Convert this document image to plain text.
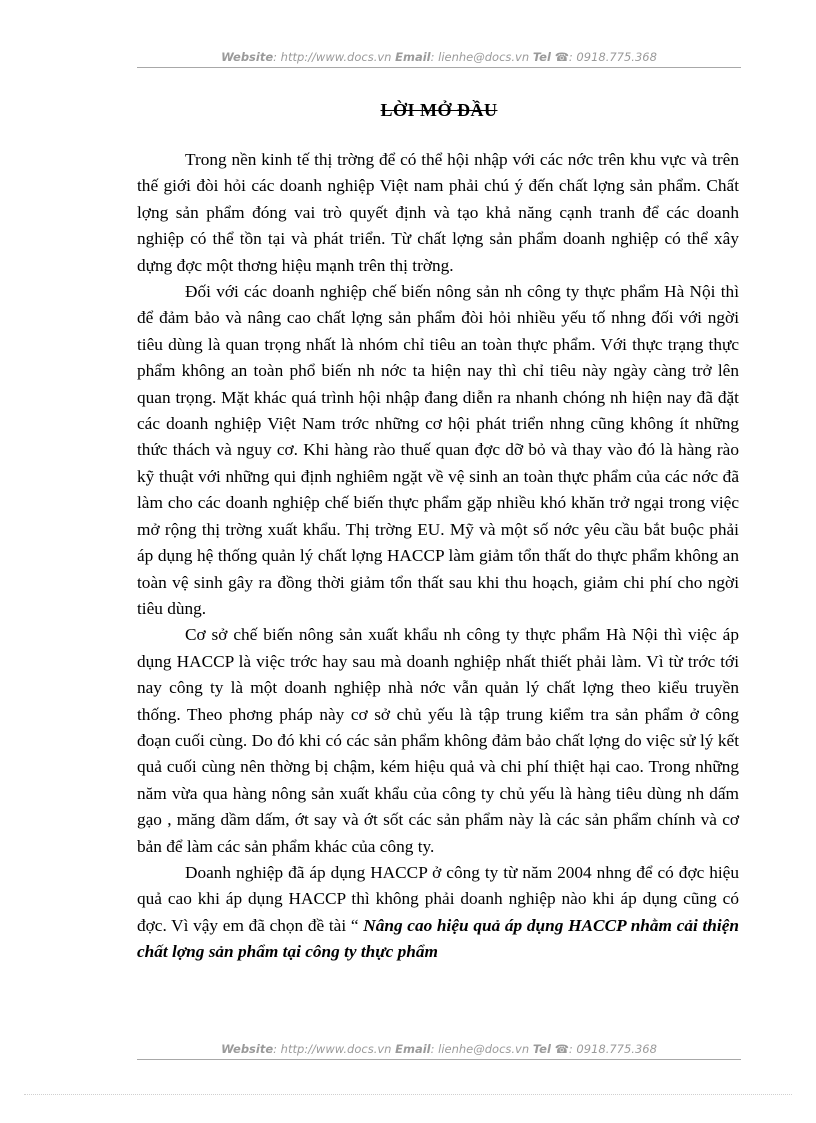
Website: http://www.docs.vn Email: lienhe@docs.vn Tel ☎: 0918.775.368
LỜI MỞ ĐẦU

Trong nền kinh tế thị trờng để có thể hội nhập với các nớc trên khu vực và trên thế giới đòi hỏi các doanh nghiệp Việt nam phải chú ý đến chất lợng sản phẩm. Chất lợng sản phẩm đóng vai trò quyết định và tạo khả năng cạnh tranh để các doanh nghiệp có thể tồn tại và phát triển. Từ chất lợng sản phẩm doanh nghiệp có thể xây dựng đợc một thơng hiệu mạnh trên thị trờng.

Đối với các doanh nghiệp chế biến nông sản nh công ty thực phẩm Hà Nội thì để đảm bảo và nâng cao chất lợng sản phẩm đòi hỏi nhiều yếu tố nhng đối với ngời tiêu dùng là quan trọng nhất là nhóm chỉ tiêu an toàn thực phẩm. Với thực trạng thực phẩm không an toàn phổ biến nh nớc ta hiện nay thì chỉ tiêu này ngày càng trở lên quan trọng. Mặt khác quá trình hội nhập đang diễn ra nhanh chóng nh hiện nay đã đặt các doanh nghiệp Việt Nam trớc những cơ hội phát triển nhng cũng không ít những thức thách và nguy cơ. Khi hàng rào thuế quan đợc dỡ bỏ và thay vào đó là hàng rào kỹ thuật với những qui định nghiêm ngặt về vệ sinh an toàn thực phẩm của các nớc đã làm cho các doanh nghiệp chế biến thực phẩm gặp nhiều khó khăn trở ngại trong việc mở rộng thị trờng xuất khẩu. Thị trờng EU. Mỹ và một số nớc yêu cầu bắt buộc phải áp dụng hệ thống quản lý chất lợng HACCP làm giảm tổn thất do thực phẩm không an toàn vệ sinh gây ra đồng thời giảm tổn thất sau khi thu hoạch, giảm chi phí cho ngời tiêu dùng.

Cơ sở chế biến nông sản xuất khẩu nh công ty thực phẩm Hà Nội thì việc áp dụng HACCP là việc trớc hay sau mà doanh nghiệp nhất thiết phải làm. Vì từ trớc tới nay công ty là một doanh nghiệp nhà nớc vẫn quản lý chất lợng theo kiểu truyền thống. Theo phơng pháp này cơ sở chủ yếu là tập trung kiểm tra sản phẩm ở công đoạn cuối cùng. Do đó khi có các sản phẩm không đảm bảo chất lợng do việc sử lý kết quả cuối cùng nên thờng bị chậm, kém hiệu quả và chi phí thiệt hại cao. Trong những năm vừa qua hàng nông sản xuất khẩu của công ty chủ yếu là hàng tiêu dùng nh dấm gạo , măng dầm dấm, ớt say và ớt sốt các sản phẩm này là các sản phẩm chính và cơ bản để làm các sản phẩm khác của công ty.

Doanh nghiệp đã áp dụng HACCP ở công ty từ năm 2004 nhng để có đợc hiệu quả cao khi áp dụng HACCP thì không phải doanh nghiệp nào khi áp dụng cũng có đợc. Vì vậy em đã chọn đề tài “ Nâng cao hiệu quả áp dụng HACCP nhằm cải thiện chất lợng sản phẩm tại công ty thực phẩm

Website: http://www.docs.vn Email: lienhe@docs.vn Tel ☎: 0918.775.368
